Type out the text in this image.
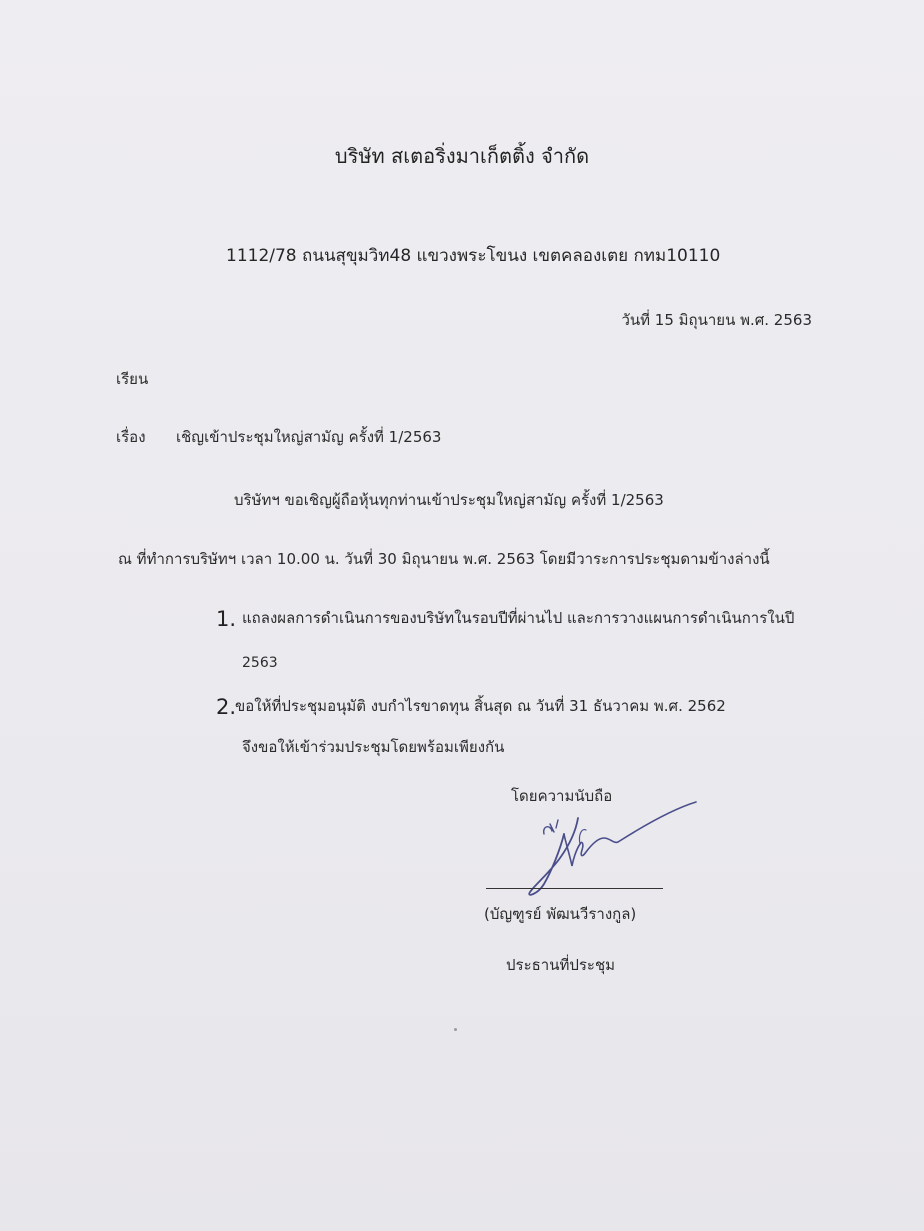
บริษัท สเตอริ่งมาเก็ตติ้ง จำกัด
1112/78 ถนนสุขุมวิท48 แขวงพระโขนง เขตคลองเตย กทม10110
วันที่ 15 มิถุนายน พ.ศ. 2563
เรียน
เรื่อง เชิญเข้าประชุมใหญ่สามัญ ครั้งที่ 1/2563
บริษัทฯ ขอเชิญผู้ถือหุ้นทุกท่านเข้าประชุมใหญ่สามัญ ครั้งที่ 1/2563
ณ ที่ทำการบริษัทฯ เวลา 10.00 น. วันที่ 30 มิถุนายน พ.ศ. 2563 โดยมีวาระการประชุมดามข้างล่างนี้
1. แถลงผลการดำเนินการของบริษัทในรอบปีที่ผ่านไป และการวางแผนการดำเนินการในปี
2563
2.
ขอให้ที่ประชุมอนุมัติ งบกำไรขาดทุน สิ้นสุด ณ วันที่ 31 ธันวาคม พ.ศ. 2562
จึงขอให้เข้าร่วมประชุมโดยพร้อมเพียงกัน
โดยความนับถือ
(บัญฑูรย์ พัฒนวีรางกูล)
ประธานที่ประชุม
